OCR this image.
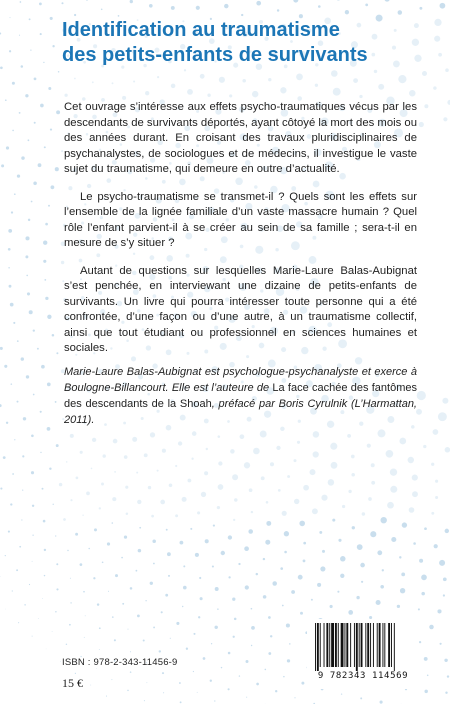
Identification au traumatisme
des petits-enfants de survivants

Cet ouvrage s’intéresse aux effets psycho-traumatiques vécus par les descendants de survivants déportés, ayant côtoyé la mort des mois ou des années durant. En croisant des travaux pluridisciplinaires de psychanalystes, de sociologues et de médecins, il investigue le vaste sujet du traumatisme, qui demeure en outre d’actualité.

Le psycho-traumatisme se transmet-il ? Quels sont les effets sur l’ensemble de la lignée familiale d’un vaste massacre humain ? Quel rôle l’enfant parvient-il à se créer au sein de sa famille ; sera-t-il en mesure de s’y situer ?

Autant de questions sur lesquelles Marie-Laure Balas-Aubignat s’est penchée, en interviewant une dizaine de petits-enfants de survivants. Un livre qui pourra intéresser toute personne qui a été confrontée, d’une façon ou d’une autre, à un traumatisme collectif, ainsi que tout étudiant ou professionnel en sciences humaines et sociales.

Marie-Laure Balas-Aubignat est psychologue-psychanalyste et exerce à Boulogne-Billancourt. Elle est l’auteure de La face cachée des fantômes des descendants de la Shoah, préfacé par Boris Cyrulnik (L’Harmattan, 2011).
ISBN : 978-2-343-11456-9
15 €	9 782343 114569
